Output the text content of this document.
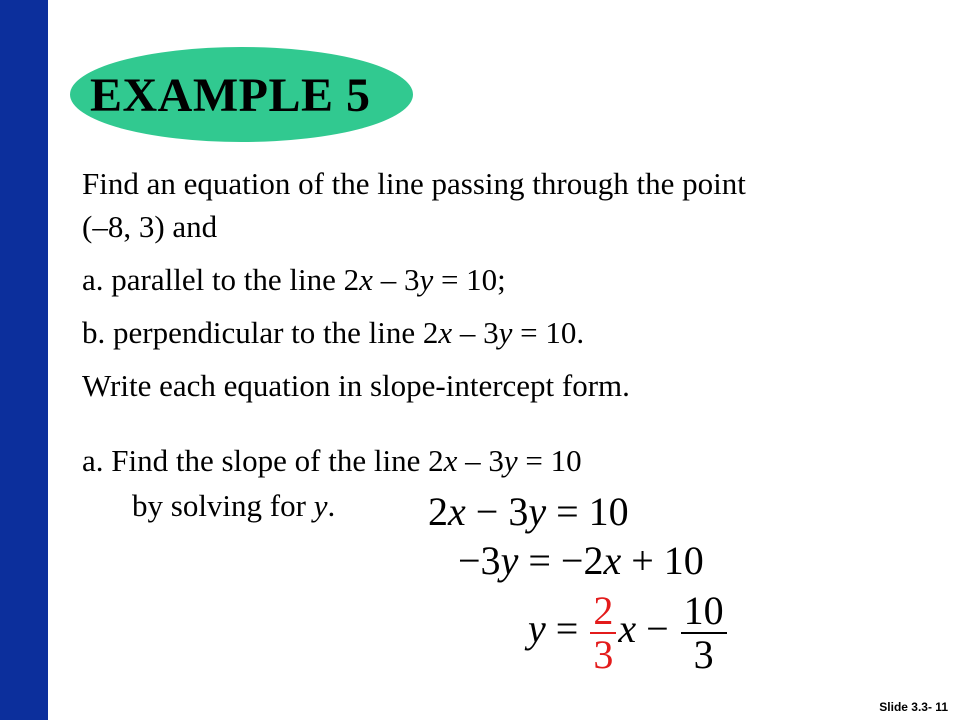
EXAMPLE 5
Find an equation of the line passing through the point
(–8, 3) and
a. parallel to the line 2x – 3y = 10;
b. perpendicular to the line 2x – 3y = 10.
Write each equation in slope-intercept form.
a. Find the slope of the line 2x – 3y = 10
by solving for y. 2x − 3y = 10
−3y = −2x + 10
$y = \frac{2}{3}$ $x - \frac{10}{3}$
Slide 3.3- 11
